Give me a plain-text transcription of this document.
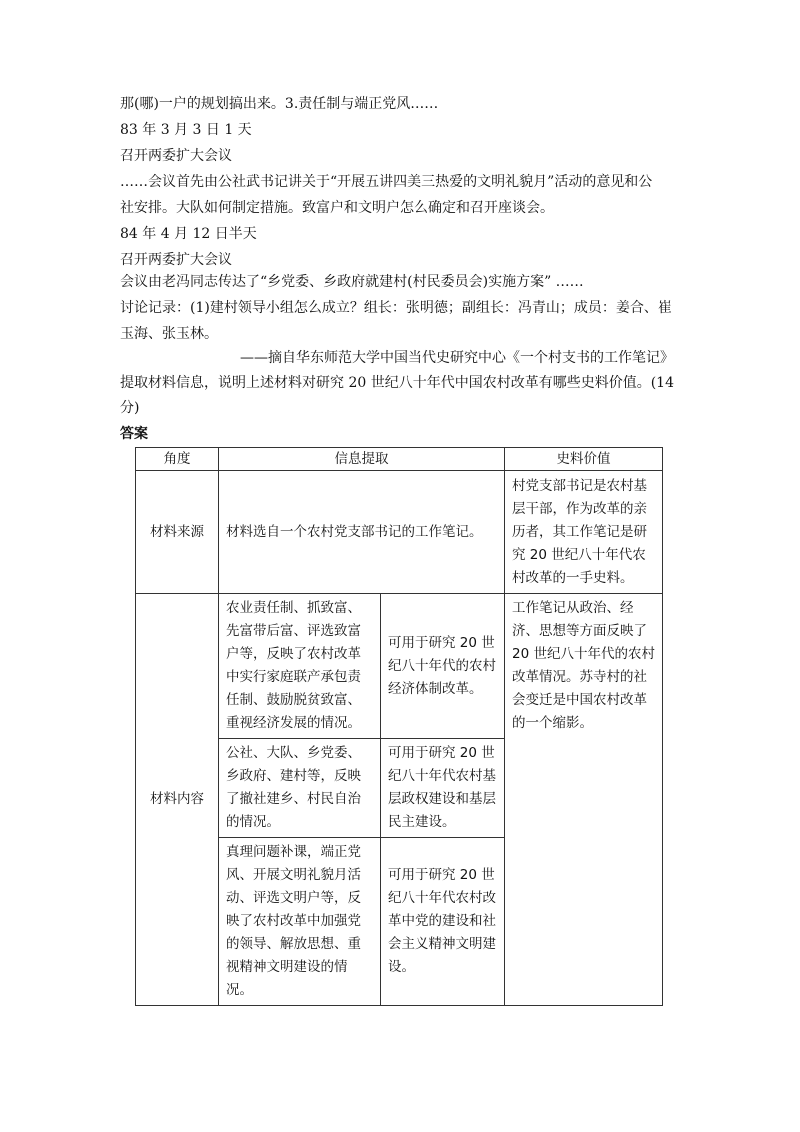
那(哪)一户的规划搞出来。3.责任制与端正党风……
83 年 3 月 3 日 1 天
召开两委扩大会议
……会议首先由公社武书记讲关于“开展五讲四美三热爱的文明礼貌月”活动的意见和公
社安排。大队如何制定措施。致富户和文明户怎么确定和召开座谈会。
84 年 4 月 12 日半天
召开两委扩大会议
会议由老冯同志传达了“乡党委、乡政府就建村(村民委员会)实施方案” ……
讨论记录：(1)建村领导小组怎么成立？组长：张明德；副组长：冯青山；成员：姜合、崔
玉海、张玉林。
——摘自华东师范大学中国当代史研究中心《一个村支书的工作笔记》
提取材料信息，说明上述材料对研究 20 世纪八十年代中国农村改革有哪些史料价值。(14
分)
答案
角度	信息提取		史料价值
材料来源	材料选自一个农村党支部书记的工作笔记。		村党支部书记是农村基层干部，作为改革的亲历者，其工作笔记是研究 20 世纪八十年代农村改革的一手史料。
材料内容	农业责任制、抓致富、先富带后富、评选致富户等，反映了农村改革中实行家庭联产承包责任制、鼓励脱贫致富、重视经济发展的情况。	可用于研究 20 世纪八十年代的农村经济体制改革。	工作笔记从政治、经济、思想等方面反映了 20 世纪八十年代的农村改革情况。苏寺村的社会变迁是中国农村改革的一个缩影。
	公社、大队、乡党委、乡政府、建村等，反映了撤社建乡、村民自治的情况。	可用于研究 20 世纪八十年代农村基层政权建设和基层民主建设。	
	真理问题补课，端正党风、开展文明礼貌月活动、评选文明户等，反映了农村改革中加强党的领导、解放思想、重视精神文明建设的情况。	可用于研究 20 世纪八十年代农村改革中党的建设和社会主义精神文明建设。	
